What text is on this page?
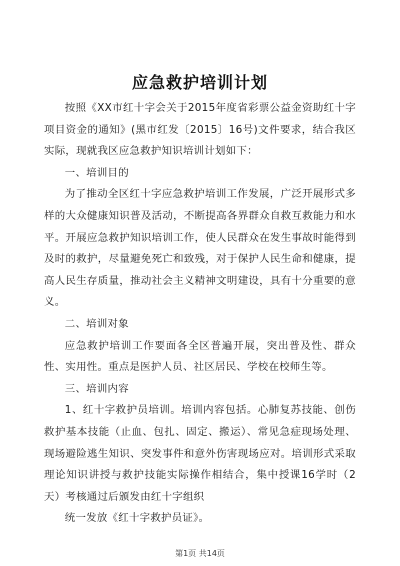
应急救护培训计划

按照《XX市红十字会关于2015年度省彩票公益金资助红十字项目资金的通知》(黑市红发〔2015〕16号)文件要求，结合我区实际，现就我区应急救护知识培训计划如下：

一、培训目的

为了推动全区红十字应急救护培训工作发展，广泛开展形式多样的大众健康知识普及活动，不断提高各界群众自救互救能力和水平。开展应急救护知识培训工作，使人民群众在发生事故时能得到及时的救护，尽量避免死亡和致残，对于保护人民生命和健康，提高人民生存质量，推动社会主义精神文明建设，具有十分重要的意义。

二、培训对象

应急救护培训工作要面各全区普遍开展，突出普及性、群众性、实用性。重点是医护人员、社区居民、学校在校师生等。

三、培训内容

1、红十字救护员培训。培训内容包括。心肺复苏技能、创伤救护基本技能（止血、包扎、固定、搬运）、常见急症现场处理、现场避险逃生知识、突发事件和意外伤害现场应对。培训形式采取理论知识讲授与救护技能实际操作相结合，集中授课16学时（2天）考核通过后颁发由红十字组织

统一发放《红十字救护员证》。

第1页 共14页
